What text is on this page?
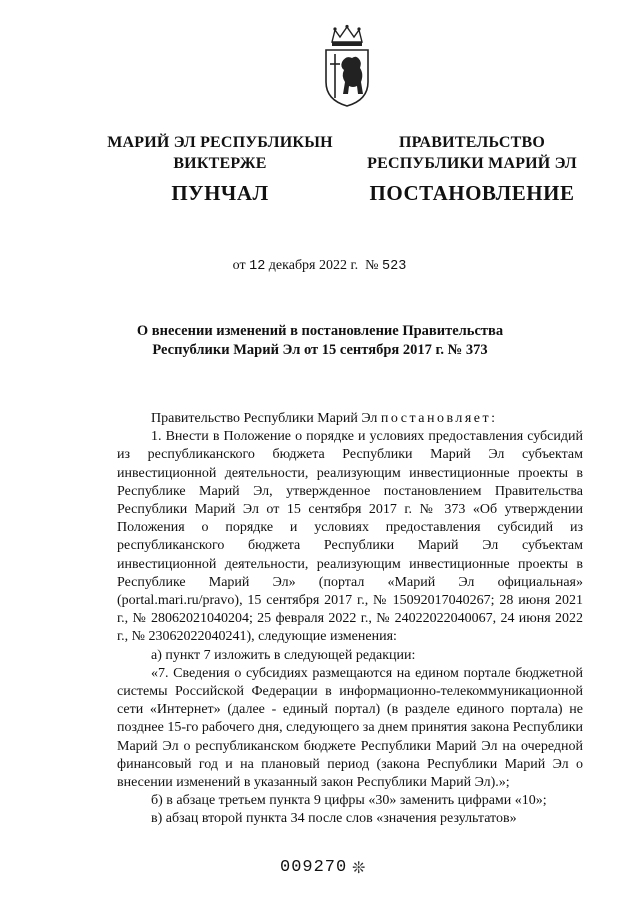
МАРИЙ ЭЛ РЕСПУБЛИКЫН
ВИКТЕРЖЕ
ПУНЧАЛ
ПРАВИТЕЛЬСТВО
РЕСПУБЛИКИ МАРИЙ ЭЛ
ПОСТАНОВЛЕНИЕ
от 12 декабря 2022 г. № 523
О внесении изменений в постановление Правительства
Республики Марий Эл от 15 сентября 2017 г. № 373

Правительство Республики Марий Эл постановляет:

1. Внести в Положение о порядке и условиях предоставления субсидий из республиканского бюджета Республики Марий Эл субъектам инвестиционной деятельности, реализующим инвестиционные проекты в Республике Марий Эл, утвержденное постановлением Правительства Республики Марий Эл от 15 сентября 2017 г. № 373 «Об утверждении Положения о порядке и условиях предоставления субсидий из республиканского бюджета Республики Марий Эл субъектам инвестиционной деятельности, реализующим инвестиционные проекты в Республике Марий Эл» (портал «Марий Эл официальная» (portal.mari.ru/pravo), 15 сентября 2017 г., № 15092017040267; 28 июня 2021 г., № 28062021040204; 25 февраля 2022 г., № 24022022040067, 24 июня 2022 г., № 23062022040241), следующие изменения:

а) пункт 7 изложить в следующей редакции:

«7. Сведения о субсидиях размещаются на едином портале бюджетной системы Российской Федерации в информационно-телекоммуникационной сети «Интернет» (далее - единый портал) (в разделе единого портала) не позднее 15-го рабочего дня, следующего за днем принятия закона Республики Марий Эл о республиканском бюджете Республики Марий Эл на очередной финансовый год и на плановый период (закона Республики Марий Эл о внесении изменений в указанный закон Республики Марий Эл).»;

б) в абзаце третьем пункта 9 цифры «30» заменить цифрами «10»;

в) абзац второй пункта 34 после слов «значения результатов»

009270 ❊
